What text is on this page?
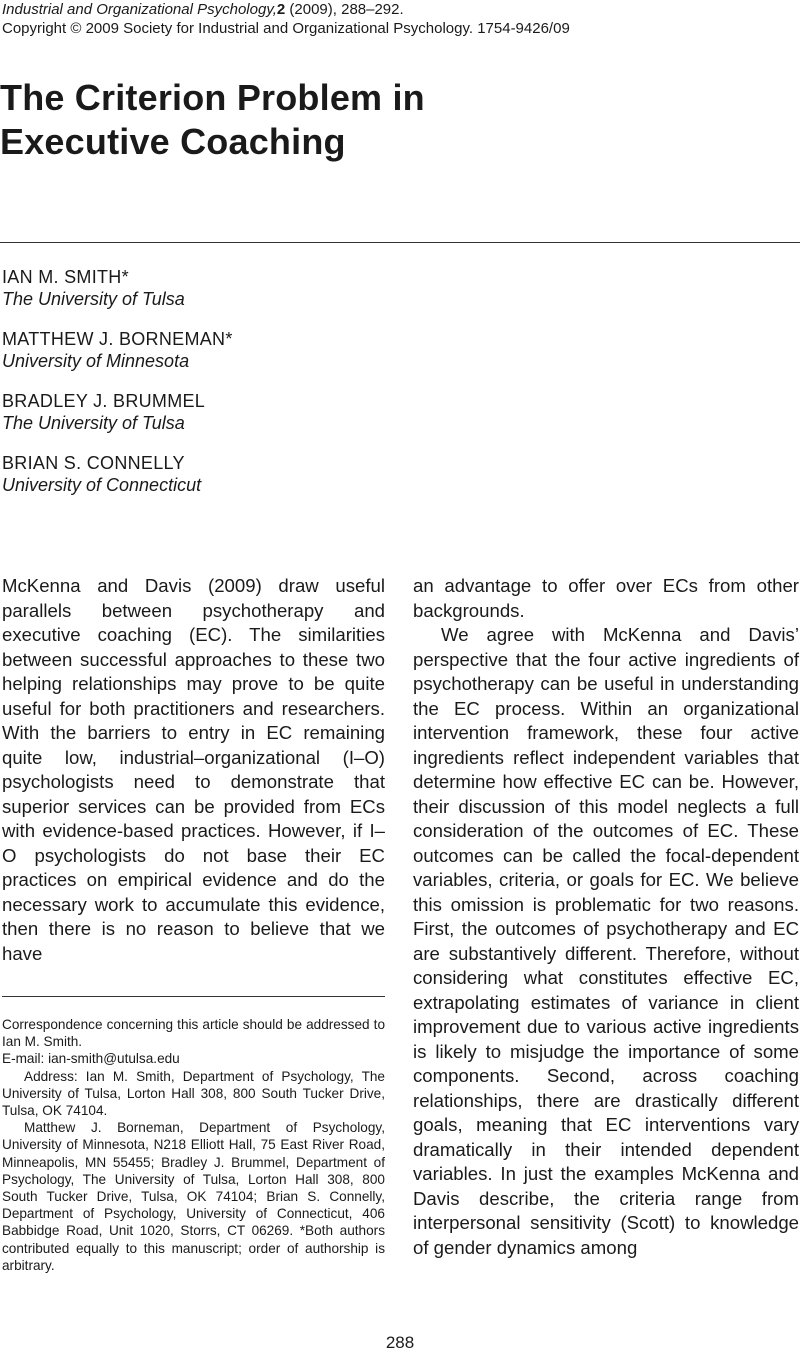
Industrial and Organizational Psychology,2 (2009), 288–292.
Copyright © 2009 Society for Industrial and Organizational Psychology. 1754-9426/09
The Criterion Problem in
Executive Coaching
IAN M. SMITH*
The University of Tulsa
MATTHEW J. BORNEMAN*
University of Minnesota
BRADLEY J. BRUMMEL
The University of Tulsa
BRIAN S. CONNELLY
University of Connecticut

McKenna and Davis (2009) draw useful parallels between psychotherapy and executive coaching (EC). The similarities between successful approaches to these two helping relationships may prove to be quite useful for both practitioners and researchers. With the barriers to entry in EC remaining quite low, industrial–organizational (I–O) psychologists need to demonstrate that superior services can be provided from ECs with evidence-based practices. However, if I–O psychologists do not base their EC practices on empirical evidence and do the necessary work to accumulate this evidence, then there is no reason to believe that we have

an advantage to offer over ECs from other backgrounds.

We agree with McKenna and Davis’ perspective that the four active ingredients of psychotherapy can be useful in understanding the EC process. Within an organizational intervention framework, these four active ingredients reflect independent variables that determine how effective EC can be. However, their discussion of this model neglects a full consideration of the outcomes of EC. These outcomes can be called the focal-dependent variables, criteria, or goals for EC. We believe this omission is problematic for two reasons. First, the outcomes of psychotherapy and EC are substantively different. Therefore, without considering what constitutes effective EC, extrapolating estimates of variance in client improvement due to various active ingredients is likely to misjudge the importance of some components. Second, across coaching relationships, there are drastically different goals, meaning that EC interventions vary dramatically in their intended dependent variables. In just the examples McKenna and Davis describe, the criteria range from interpersonal sensitivity (Scott) to knowledge of gender dynamics among

Correspondence concerning this article should be addressed to Ian M. Smith.

E-mail: ian-smith@utulsa.edu

Address: Ian M. Smith, Department of Psychology, The University of Tulsa, Lorton Hall 308, 800 South Tucker Drive, Tulsa, OK 74104.

Matthew J. Borneman, Department of Psychology, University of Minnesota, N218 Elliott Hall, 75 East River Road, Minneapolis, MN 55455; Bradley J. Brummel, Department of Psychology, The University of Tulsa, Lorton Hall 308, 800 South Tucker Drive, Tulsa, OK 74104; Brian S. Connelly, Department of Psychology, University of Connecticut, 406 Babbidge Road, Unit 1020, Storrs, CT 06269. *Both authors contributed equally to this manuscript; order of authorship is arbitrary.

288
